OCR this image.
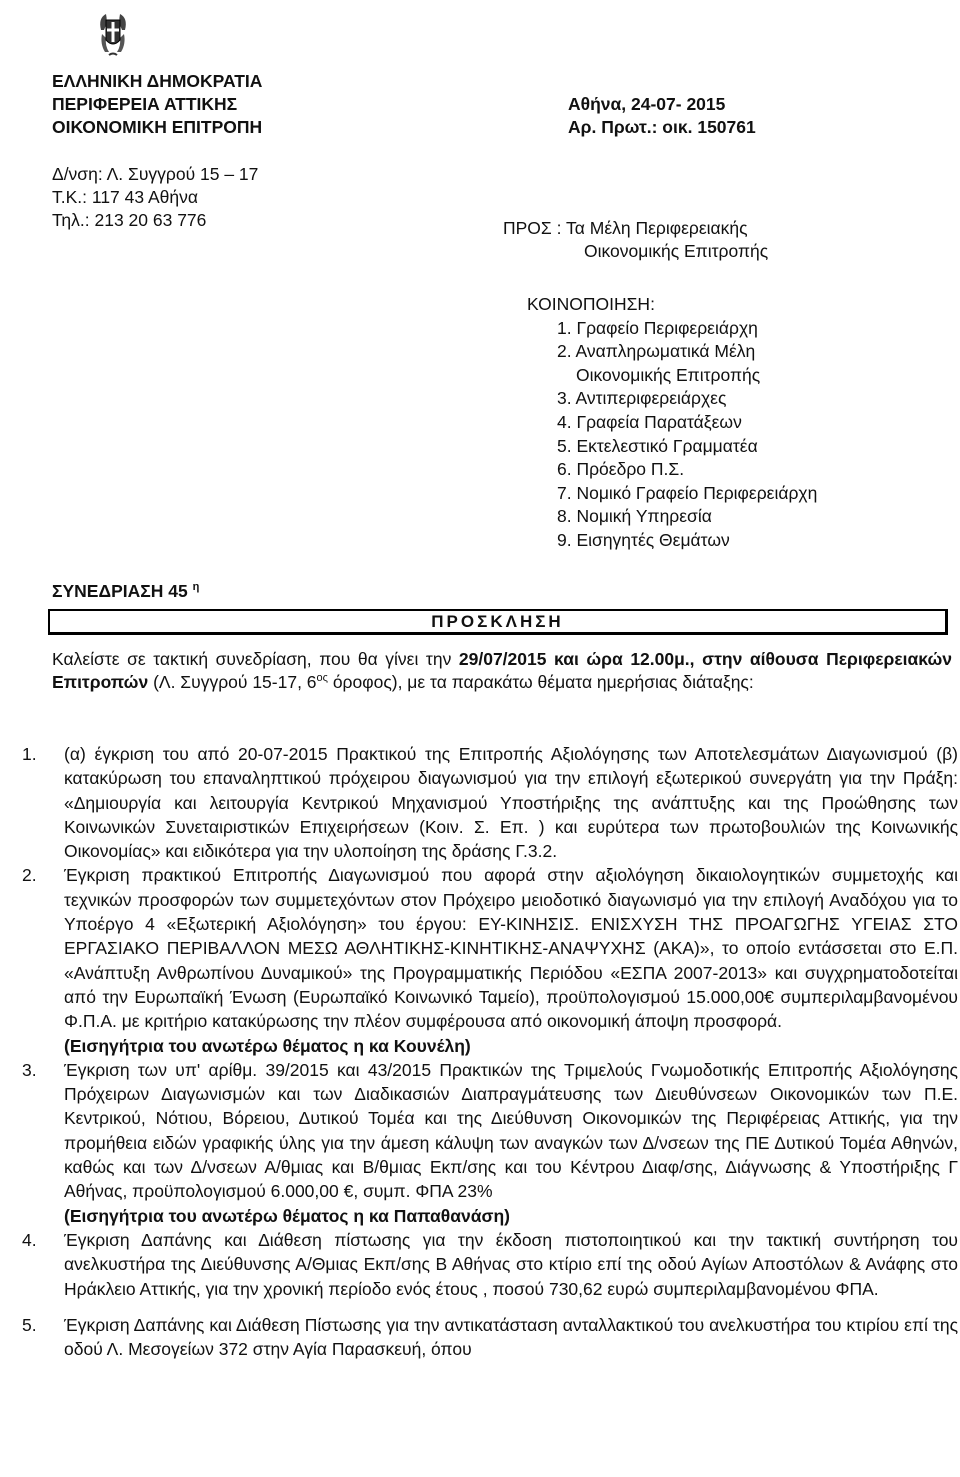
ΕΛΛΗΝΙΚΗ ΔΗΜΟΚΡΑΤΙΑ
ΠΕΡΙΦΕΡΕΙΑ ΑΤΤΙΚΗΣ
ΟΙΚΟΝΟΜΙΚΗ ΕΠΙΤΡΟΠΗ
Δ/νση: Λ. Συγγρού 15 – 17
Τ.Κ.: 117 43 Αθήνα
Τηλ.: 213 20 63 776
Αθήνα, 24-07- 2015
Αρ. Πρωτ.: οικ. 150761
ΠΡΟΣ : Τα Μέλη Περιφερειακής
Οικονομικής Επιτροπής
ΚΟΙΝΟΠΟΙΗΣΗ:
1. Γραφείο Περιφερειάρχη
2. Αναπληρωματικά Μέλη
Οικονομικής Επιτροπής
3. Αντιπεριφερειάρχες
4. Γραφεία Παρατάξεων
5. Εκτελεστικό Γραμματέα
6. Πρόεδρο Π.Σ.
7. Νομικό Γραφείο Περιφερειάρχη
8. Νομική Υπηρεσία
9. Εισηγητές Θεμάτων
ΣΥΝΕΔΡΙΑΣΗ 45 $^\eta$
ΠΡΟΣΚΛΗΣΗ
Καλείστε σε τακτική συνεδρίαση, που θα γίνει την 29/07/2015 και ώρα 12.00μ., στην αίθουσα Περιφερειακών Επιτροπών (Λ. Συγγρού 15-17, $6^{o\varsigma}$ όροφος), με τα παρακάτω θέματα ημερήσιας διάταξης:
1. (α) έγκριση του από 20-07-2015 Πρακτικού της Επιτροπής Αξιολόγησης των Αποτελεσμάτων Διαγωνισμού (β) κατακύρωση του επαναληπτικού πρόχειρου διαγωνισμού για την επιλογή εξωτερικού συνεργάτη για την Πράξη: «Δημιουργία και λειτουργία Κεντρικού Μηχανισμού Υποστήριξης της ανάπτυξης και της Προώθησης των Κοινωνικών Συνεταιριστικών Επιχειρήσεων (Κοιν. Σ. Επ. ) και ευρύτερα των πρωτοβουλιών της Κοινωνικής Οικονομίας» και ειδικότερα για την υλοποίηση της δράσης Γ.3.2.
2. Έγκριση πρακτικού Επιτροπής Διαγωνισμού που αφορά στην αξιολόγηση δικαιολογητικών συμμετοχής και τεχνικών προσφορών των συμμετεχόντων στον Πρόχειρο μειοδοτικό διαγωνισμό για την επιλογή Αναδόχου για το Υποέργο 4 «Εξωτερική Αξιολόγηση» του έργου: ΕΥ-ΚΙΝΗΣΙΣ. ΕΝΙΣΧΥΣΗ ΤΗΣ ΠΡΟΑΓΩΓΗΣ ΥΓΕΙΑΣ ΣΤΟ ΕΡΓΑΣΙΑΚΟ ΠΕΡΙΒΑΛΛΟΝ ΜΕΣΩ ΑΘΛΗΤΙΚΗΣ-ΚΙΝΗΤΙΚΗΣ-ΑΝΑΨΥΧΗΣ (ΑΚΑ)», το οποίο εντάσσεται στο Ε.Π. «Ανάπτυξη Ανθρωπίνου Δυναμικού» της Προγραμματικής Περιόδου «ΕΣΠΑ 2007-2013» και συγχρηματοδοτείται από την Ευρωπαϊκή Ένωση (Ευρωπαϊκό Κοινωνικό Ταμείο), προϋπολογισμού 15.000,00€ συμπεριλαμβανομένου Φ.Π.Α. με κριτήριο κατακύρωσης την πλέον συμφέρουσα από οικονομική άποψη προσφορά.
(Εισηγήτρια του ανωτέρω θέματος η κα Κουνέλη)
3. Έγκριση των υπ' αρίθμ. 39/2015 και 43/2015 Πρακτικών της Τριμελούς Γνωμοδοτικής Επιτροπής Αξιολόγησης Πρόχειρων Διαγωνισμών και των Διαδικασιών Διαπραγμάτευσης των Διευθύνσεων Οικονομικών των Π.Ε. Κεντρικού, Νότιου, Βόρειου, Δυτικού Τομέα και της Διεύθυνση Οικονομικών της Περιφέρειας Αττικής, για την προμήθεια ειδών γραφικής ύλης για την άμεση κάλυψη των αναγκών των Δ/νσεων της ΠΕ Δυτικού Τομέα Αθηνών, καθώς και των Δ/νσεων Α/θμιας και Β/θμιας Εκπ/σης και του Κέντρου Διαφ/σης, Διάγνωσης & Υποστήριξης Γ Αθήνας, προϋπολογισμού 6.000,00 €, συμπ. ΦΠΑ 23%
(Εισηγήτρια του ανωτέρω θέματος η κα Παπαθανάση)
4. Έγκριση Δαπάνης και Διάθεση πίστωσης για την έκδοση πιστοποιητικού και την τακτική συντήρηση του ανελκυστήρα της Διεύθυνσης Α/Θμιας Εκπ/σης Β Αθήνας στο κτίριο επί της οδού Αγίων Αποστόλων & Ανάφης στο Ηράκλειο Αττικής, για την χρονική περίοδο ενός έτους , ποσού 730,62 ευρώ συμπεριλαμβανομένου ΦΠΑ.
5. Έγκριση Δαπάνης και Διάθεση Πίστωσης για την αντικατάσταση ανταλλακτικού του ανελκυστήρα του κτιρίου επί της οδού Λ. Μεσογείων 372 στην Αγία Παρασκευή, όπου
